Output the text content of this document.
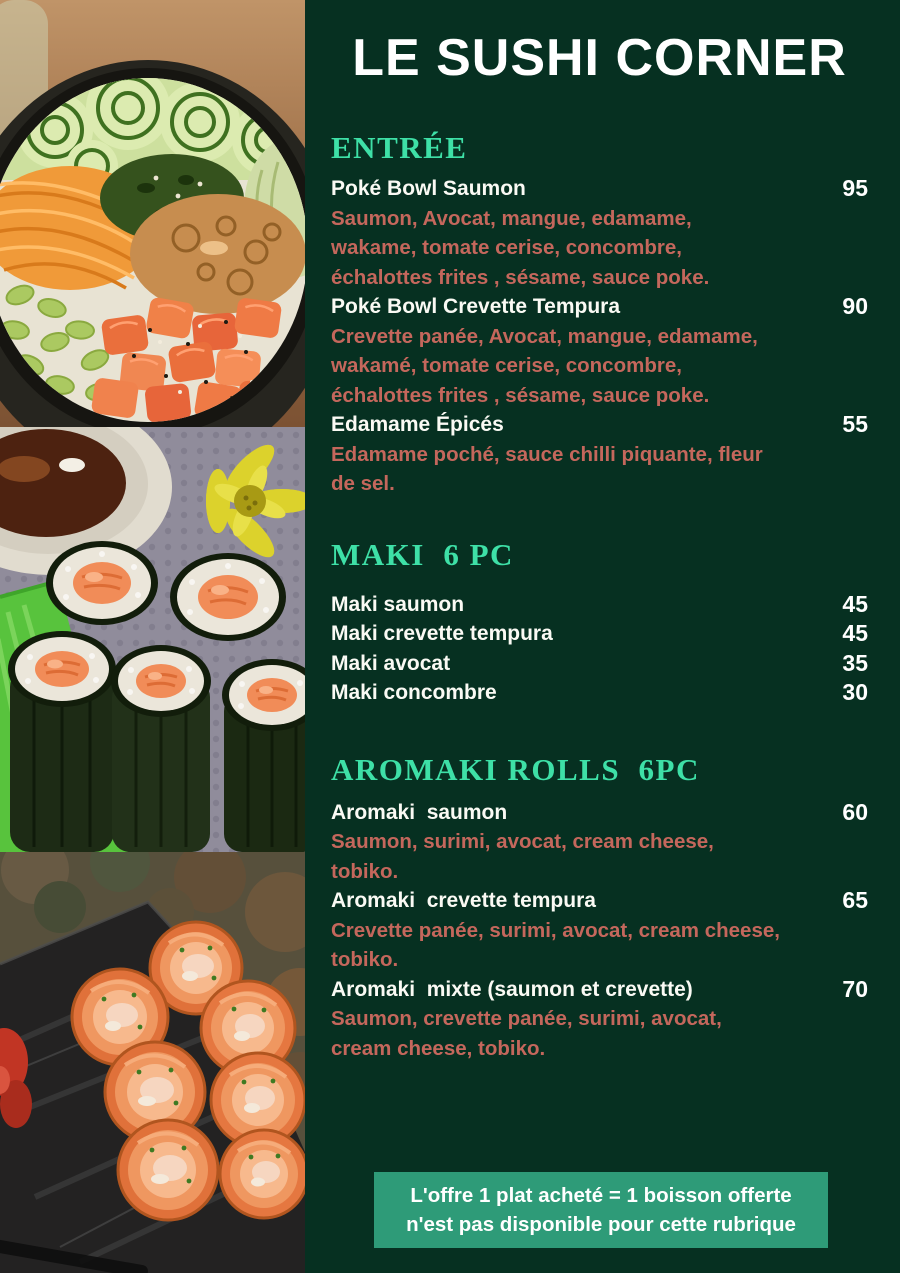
LE SUSHI CORNER
ENTRÉE
Poké Bowl Saumon	95
Saumon, Avocat, mangue, edamame,
wakame, tomate cerise, concombre,
échalottes frites , sésame, sauce poke.
Poké Bowl Crevette Tempura	90
Crevette panée, Avocat, mangue, edamame,
wakamé, tomate cerise, concombre,
échalottes frites , sésame, sauce poke.
Edamame Épicés	55
Edamame poché, sauce chilli piquante, fleur
de sel.
MAKI  6 PC
Maki saumon	45
Maki crevette tempura	45
Maki avocat	35
Maki concombre	30
AROMAKI ROLLS  6PC
Aromaki  saumon	60
Saumon, surimi, avocat, cream cheese,
tobiko.
Aromaki  crevette tempura	65
Crevette panée, surimi, avocat, cream cheese,
tobiko.
Aromaki  mixte (saumon et crevette)	70
Saumon, crevette panée, surimi, avocat,
cream cheese, tobiko.
L'offre 1 plat acheté = 1 boisson offerte
n'est pas disponible pour cette rubrique
